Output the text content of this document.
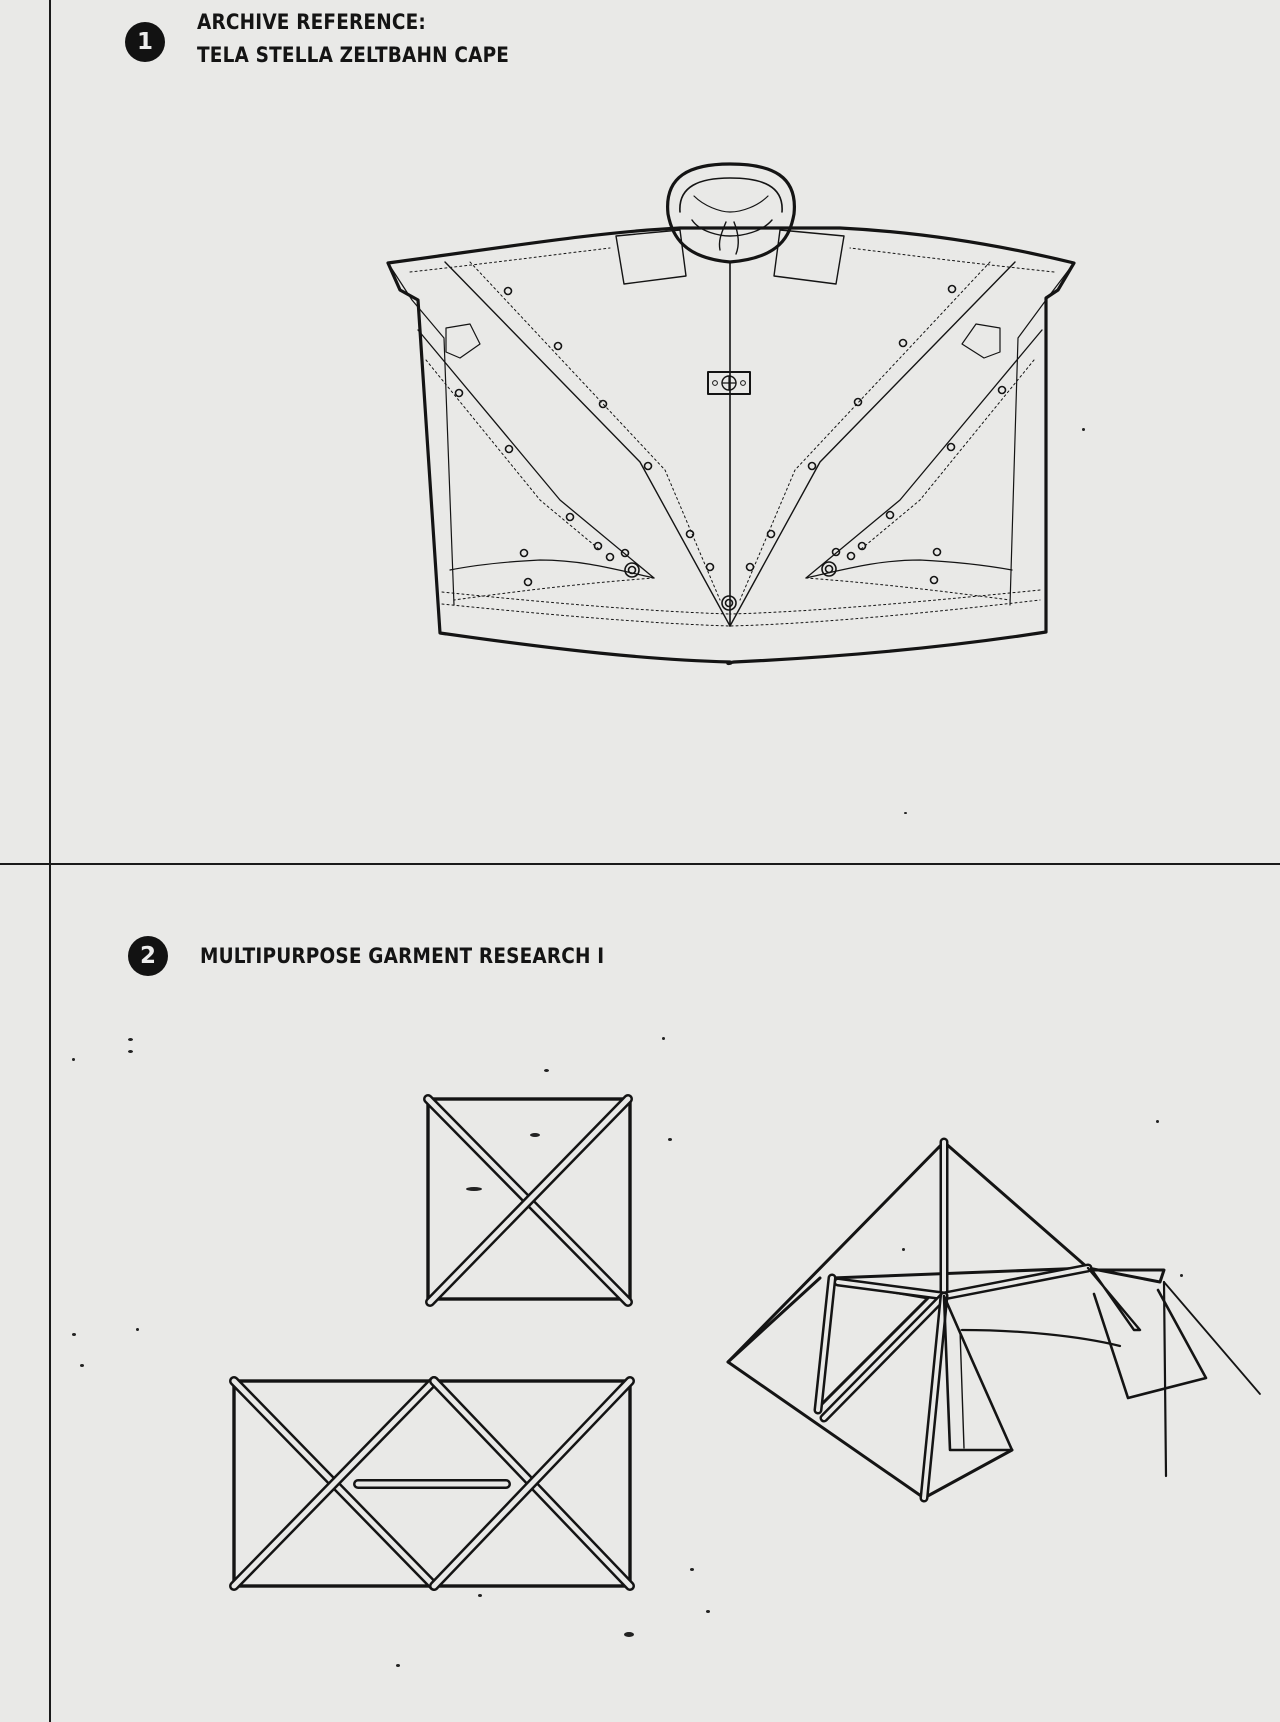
1
ARCHIVE REFERENCE:
TELA STELLA ZELTBAHN CAPE
2 MULTIPURPOSE GARMENT RESEARCH I
